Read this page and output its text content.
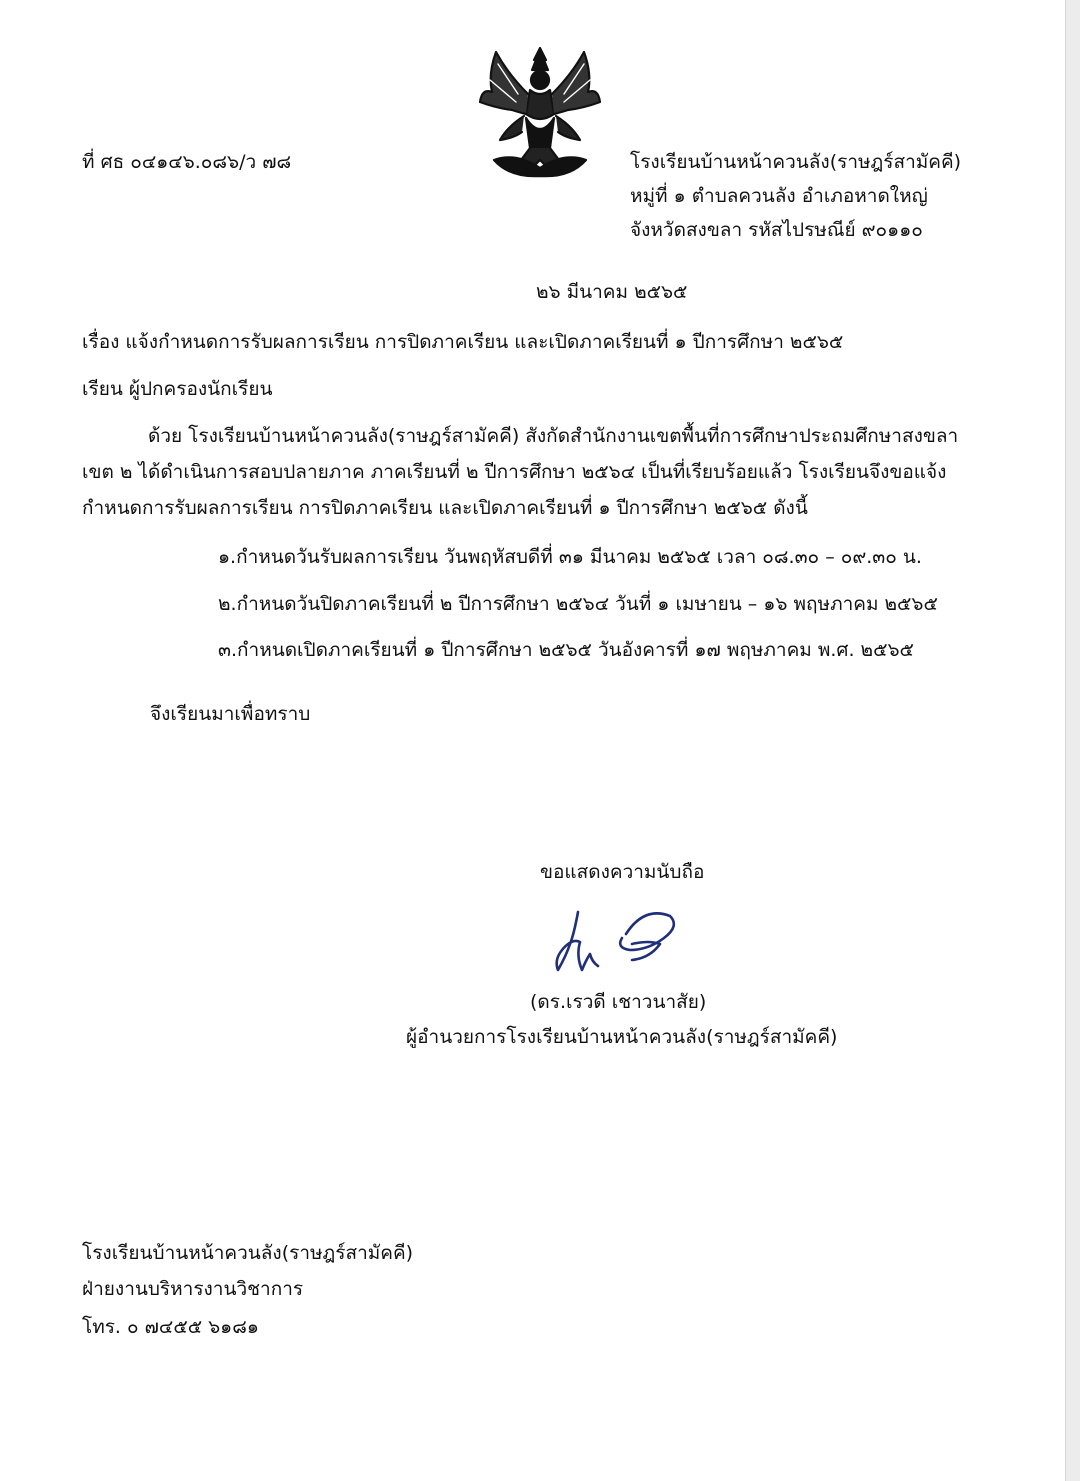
ที่ ศธ ๐๔๑๔๖.๐๘๖/ว ๗๘	โรงเรียนบ้านหน้าควนลัง(ราษฎร์สามัคคี)
หมู่ที่ ๑ ตำบลควนลัง อำเภอหาดใหญ่
จังหวัดสงขลา รหัสไปรษณีย์ ๙๐๑๑๐
๒๖ มีนาคม ๒๕๖๕
เรื่อง แจ้งกำหนดการรับผลการเรียน การปิดภาคเรียน และเปิดภาคเรียนที่ ๑ ปีการศึกษา ๒๕๖๕
เรียน ผู้ปกครองนักเรียน
ด้วย โรงเรียนบ้านหน้าควนลัง(ราษฎร์สามัคคี) สังกัดสำนักงานเขตพื้นที่การศึกษาประถมศึกษาสงขลา
เขต ๒ ได้ดำเนินการสอบปลายภาค ภาคเรียนที่ ๒ ปีการศึกษา ๒๕๖๔ เป็นที่เรียบร้อยแล้ว โรงเรียนจึงขอแจ้ง
กำหนดการรับผลการเรียน การปิดภาคเรียน และเปิดภาคเรียนที่ ๑ ปีการศึกษา ๒๕๖๕ ดังนี้
๑.กำหนดวันรับผลการเรียน วันพฤหัสบดีที่ ๓๑ มีนาคม ๒๕๖๕ เวลา ๐๘.๓๐ – ๐๙.๓๐ น.
๒.กำหนดวันปิดภาคเรียนที่ ๒ ปีการศึกษา ๒๕๖๔ วันที่ ๑ เมษายน – ๑๖ พฤษภาคม ๒๕๖๕
๓.กำหนดเปิดภาคเรียนที่ ๑ ปีการศึกษา ๒๕๖๕ วันอังคารที่ ๑๗ พฤษภาคม พ.ศ. ๒๕๖๕
จึงเรียนมาเพื่อทราบ
ขอแสดงความนับถือ
(ดร.เรวดี เชาวนาสัย)
ผู้อำนวยการโรงเรียนบ้านหน้าควนลัง(ราษฎร์สามัคคี)
โรงเรียนบ้านหน้าควนลัง(ราษฎร์สามัคคี)
ฝ่ายงานบริหารงานวิชาการ
โทร. ๐ ๗๔๕๕ ๖๑๘๑
